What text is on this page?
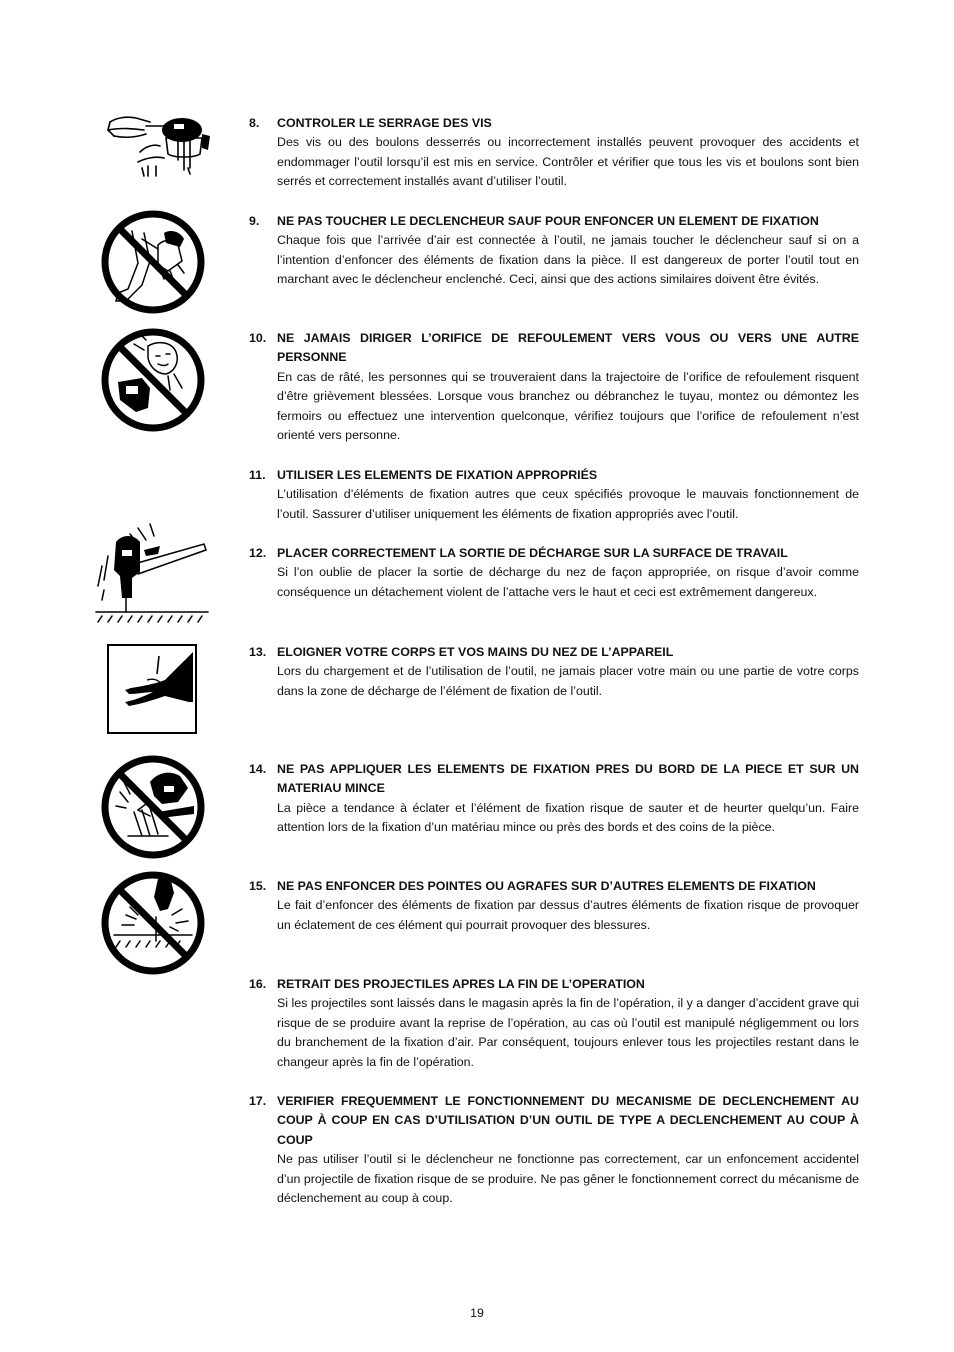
8.	CONTROLER LE SERRAGE DES VIS
Des vis ou des boulons desserrés ou incorrectement installés peuvent provoquer des accidents et endommager l’outil lorsqu’il est mis en service. Contrôler et vérifier que tous les vis et boulons sont bien serrés et correctement installés avant d’utiliser l’outil.
9.	NE PAS TOUCHER LE DECLENCHEUR SAUF POUR ENFONCER UN ELEMENT DE FIXATION
Chaque fois que l’arrivée d’air est connectée à l’outil, ne jamais toucher le déclencheur sauf si on a l’intention d’enfoncer des éléments de fixation dans la pièce. Il est dangereux de porter l’outil tout en marchant avec le déclencheur enclenché. Ceci, ainsi que des actions similaires doivent être évités.
10. NE JAMAIS DIRIGER L’ORIFICE DE REFOULEMENT VERS VOUS OU VERS UNE AUTRE PERSONNE
En cas de râté, les personnes qui se trouveraient dans la trajectoire de l’orifice de refoulement risquent d’être grièvement blessées. Lorsque vous branchez ou débranchez le tuyau, montez ou démontez les fermoirs ou effectuez une intervention quelconque, vérifiez toujours que l’orifice de refoulement n’est orienté vers personne.
11. UTILISER LES ELEMENTS DE FIXATION APPROPRIÉS
L’utilisation d’éléments de fixation autres que ceux spécifiés provoque le mauvais fonctionnement de l’outil. Sassurer d’utiliser uniquement les éléments de fixation appropriés avec l’outil.
12. PLACER CORRECTEMENT LA SORTIE DE DÉCHARGE SUR LA SURFACE DE TRAVAIL
Si l’on oublie de placer la sortie de décharge du nez de façon appropriée, on risque d’avoir comme conséquence un détachement violent de l’attache vers le haut et ceci est extrêmement dangereux.
13. ELOIGNER VOTRE CORPS ET VOS MAINS DU NEZ DE L’APPAREIL
Lors du chargement et de l’utilisation de l’outil, ne jamais placer votre main ou une partie de votre corps dans la zone de décharge de l’élément de fixation de l’outil.
14. NE PAS APPLIQUER LES ELEMENTS DE FIXATION PRES DU BORD DE LA PIECE ET SUR UN MATERIAU MINCE
La pièce a tendance à éclater et l’élément de fixation risque de sauter et de heurter quelqu’un. Faire attention lors de la fixation d’un matériau mince ou près des bords et des coins de la pièce.
15. NE PAS ENFONCER DES POINTES OU AGRAFES SUR D’AUTRES ELEMENTS DE FIXATION
Le fait d’enfoncer des éléments de fixation par dessus d’autres éléments de fixation risque de provoquer un éclatement de ces élément qui pourrait provoquer des blessures.
16. RETRAIT DES PROJECTILES APRES LA FIN DE L’OPERATION
Si les projectiles sont laissés dans le magasin après la fin de l’opération, il y a danger d’accident grave qui risque de se produire avant la reprise de l’opération, au cas où l’outil est manipulé négligemment ou lors du branchement de la fixation d’air. Par conséquent, toujours enlever tous les projectiles restant dans le changeur après la fin de l’opération.
17. VERIFIER FREQUEMMENT LE FONCTIONNEMENT DU MECANISME DE DECLENCHEMENT AU COUP À COUP EN CAS D’UTILISATION D’UN OUTIL DE TYPE A DECLENCHEMENT AU COUP À COUP
Ne pas utiliser l’outil si le déclencheur ne fonctionne pas correctement, car un enfoncement accidentel d’un projectile de fixation risque de se produire. Ne pas gêner le fonctionnement correct du mécanisme de déclenchement au coup à coup.
19
